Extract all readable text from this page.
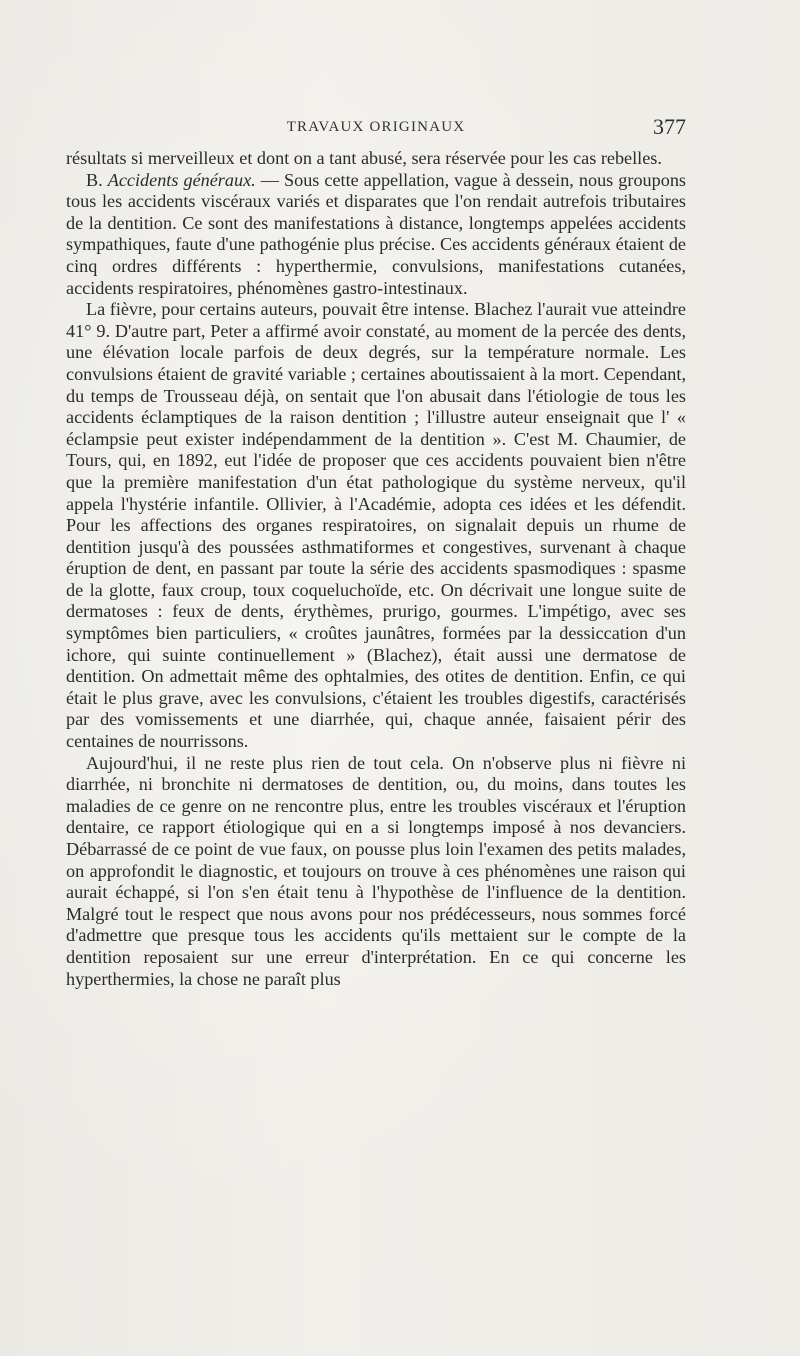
TRAVAUX ORIGINAUX	377

résultats si merveilleux et dont on a tant abusé, sera réservée pour les cas rebelles.

B. Accidents généraux. — Sous cette appellation, vague à dessein, nous groupons tous les accidents viscéraux variés et disparates que l'on rendait autrefois tributaires de la dentition. Ce sont des manifestations à distance, longtemps appelées accidents sympathiques, faute d'une pathogénie plus précise. Ces accidents généraux étaient de cinq ordres différents : hyperthermie, convulsions, manifestations cutanées, accidents respiratoires, phénomènes gastro-intestinaux.

La fièvre, pour certains auteurs, pouvait être intense. Blachez l'aurait vue atteindre 41° 9. D'autre part, Peter a affirmé avoir constaté, au moment de la percée des dents, une élévation locale parfois de deux degrés, sur la température normale. Les convulsions étaient de gravité variable ; certaines aboutissaient à la mort. Cependant, du temps de Trousseau déjà, on sentait que l'on abusait dans l'étiologie de tous les accidents éclamptiques de la raison dentition ; l'illustre auteur enseignait que l' « éclampsie peut exister indépendamment de la dentition ». C'est M. Chaumier, de Tours, qui, en 1892, eut l'idée de proposer que ces accidents pouvaient bien n'être que la première manifestation d'un état pathologique du système nerveux, qu'il appela l'hystérie infantile. Ollivier, à l'Académie, adopta ces idées et les défendit. Pour les affections des organes respiratoires, on signalait depuis un rhume de dentition jusqu'à des poussées asthmatiformes et congestives, survenant à chaque éruption de dent, en passant par toute la série des accidents spasmodiques : spasme de la glotte, faux croup, toux coqueluchoïde, etc. On décrivait une longue suite de dermatoses : feux de dents, érythèmes, prurigo, gourmes. L'impétigo, avec ses symptômes bien particuliers, « croûtes jaunâtres, formées par la dessiccation d'un ichore, qui suinte continuellement » (Blachez), était aussi une dermatose de dentition. On admettait même des ophtalmies, des otites de dentition. Enfin, ce qui était le plus grave, avec les convulsions, c'étaient les troubles digestifs, caractérisés par des vomissements et une diarrhée, qui, chaque année, faisaient périr des centaines de nourrissons.

Aujourd'hui, il ne reste plus rien de tout cela. On n'observe plus ni fièvre ni diarrhée, ni bronchite ni dermatoses de dentition, ou, du moins, dans toutes les maladies de ce genre on ne rencontre plus, entre les troubles viscéraux et l'éruption dentaire, ce rapport étiologique qui en a si longtemps imposé à nos devanciers. Débarrassé de ce point de vue faux, on pousse plus loin l'examen des petits malades, on approfondit le diagnostic, et toujours on trouve à ces phénomènes une raison qui aurait échappé, si l'on s'en était tenu à l'hypothèse de l'influence de la dentition. Malgré tout le respect que nous avons pour nos prédécesseurs, nous sommes forcé d'admettre que presque tous les accidents qu'ils mettaient sur le compte de la dentition reposaient sur une erreur d'interprétation. En ce qui concerne les hyperthermies, la chose ne paraît plus
